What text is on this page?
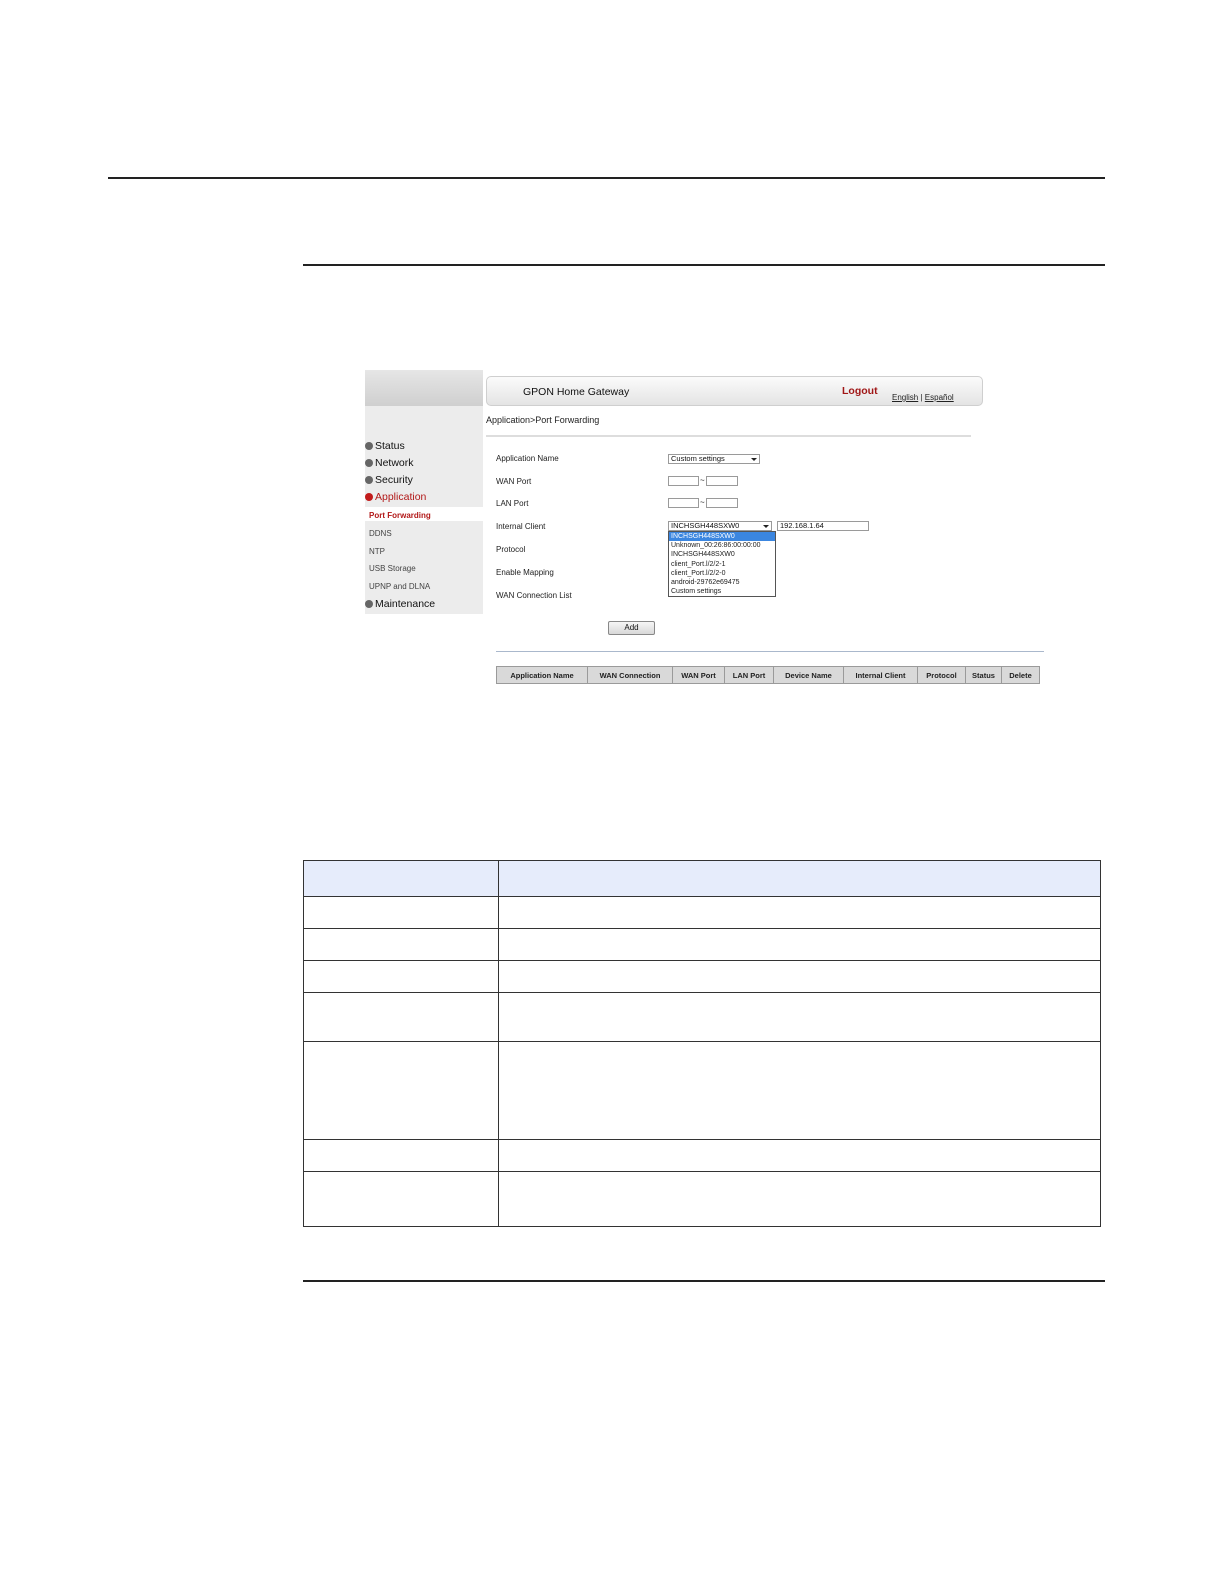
Status
Network
Security
Application
Port Forwarding
DDNS
NTP
USB Storage
UPNP and DLNA
Maintenance
GPON Home Gateway	Logout
English | Español
Application>Port Forwarding
Application Name	Custom settings
WAN Port	~
LAN Port	~
Internal Client	INCHSGH448SXW0	192.168.1.64
Protocol
Enable Mapping
WAN Connection List
INCHSGH448SXW0
Unknown_00:26:86:00:00:00
INCHSGH448SXW0
client_Port.l/2/2-1
client_Port.l/2/2-0
android-29762e69475
Custom settings
Add
Application Name	WAN Connection	WAN Port	LAN Port	Device Name	Internal Client	Protocol	Status	Delete
